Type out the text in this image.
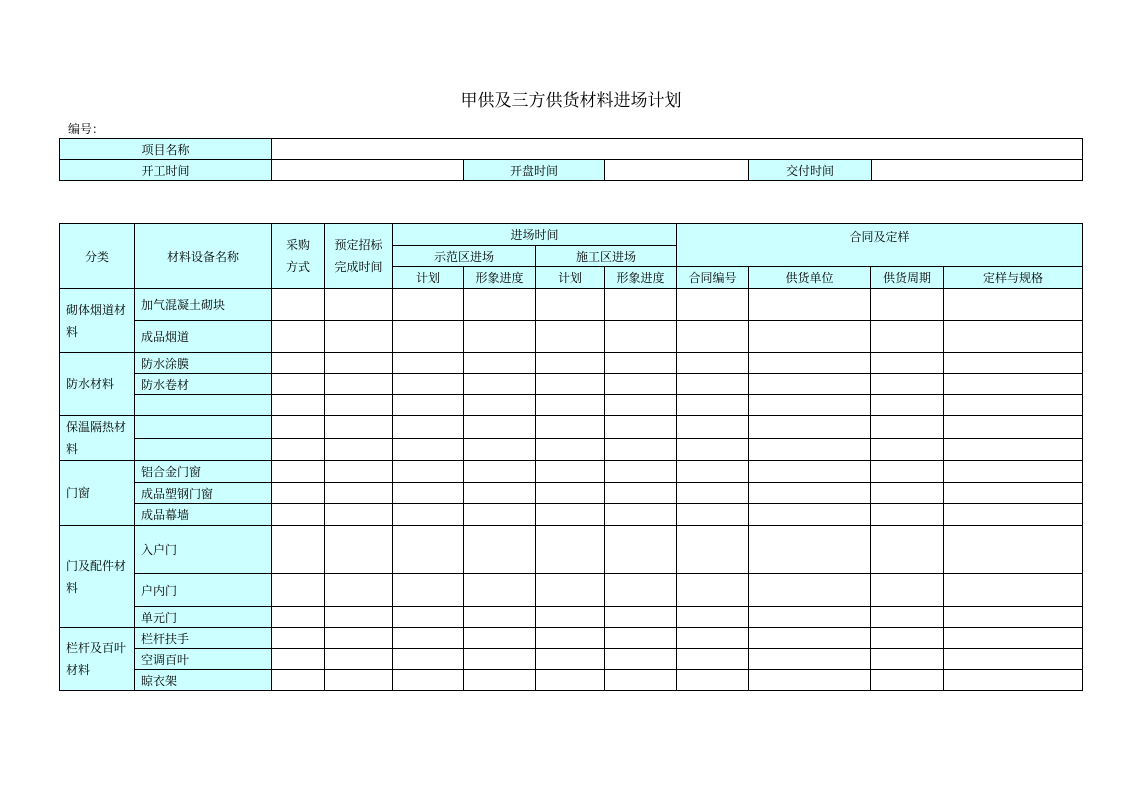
甲供及三方供货材料进场计划
编号：
项目名称					
开工时间		开盘时间		交付时间	
分类	材料设备名称	采购方式	预定招标完成时间	进场时间				合同及定样			
				示范区进场		施工区进场					
				计划	形象进度	计划	形象进度	合同编号	供货单位	供货周期	定样与规格
砌体烟道材料	加气混凝土砌块										
	成品烟道										
防水材料	防水涂膜										
	防水卷材										

保温隔热材料											

门窗	铝合金门窗										
	成品塑钢门窗										
	成品幕墙										
门及配件材料	入户门										
	户内门										
	单元门										
栏杆及百叶材料	栏杆扶手										
	空调百叶										
	晾衣架										
